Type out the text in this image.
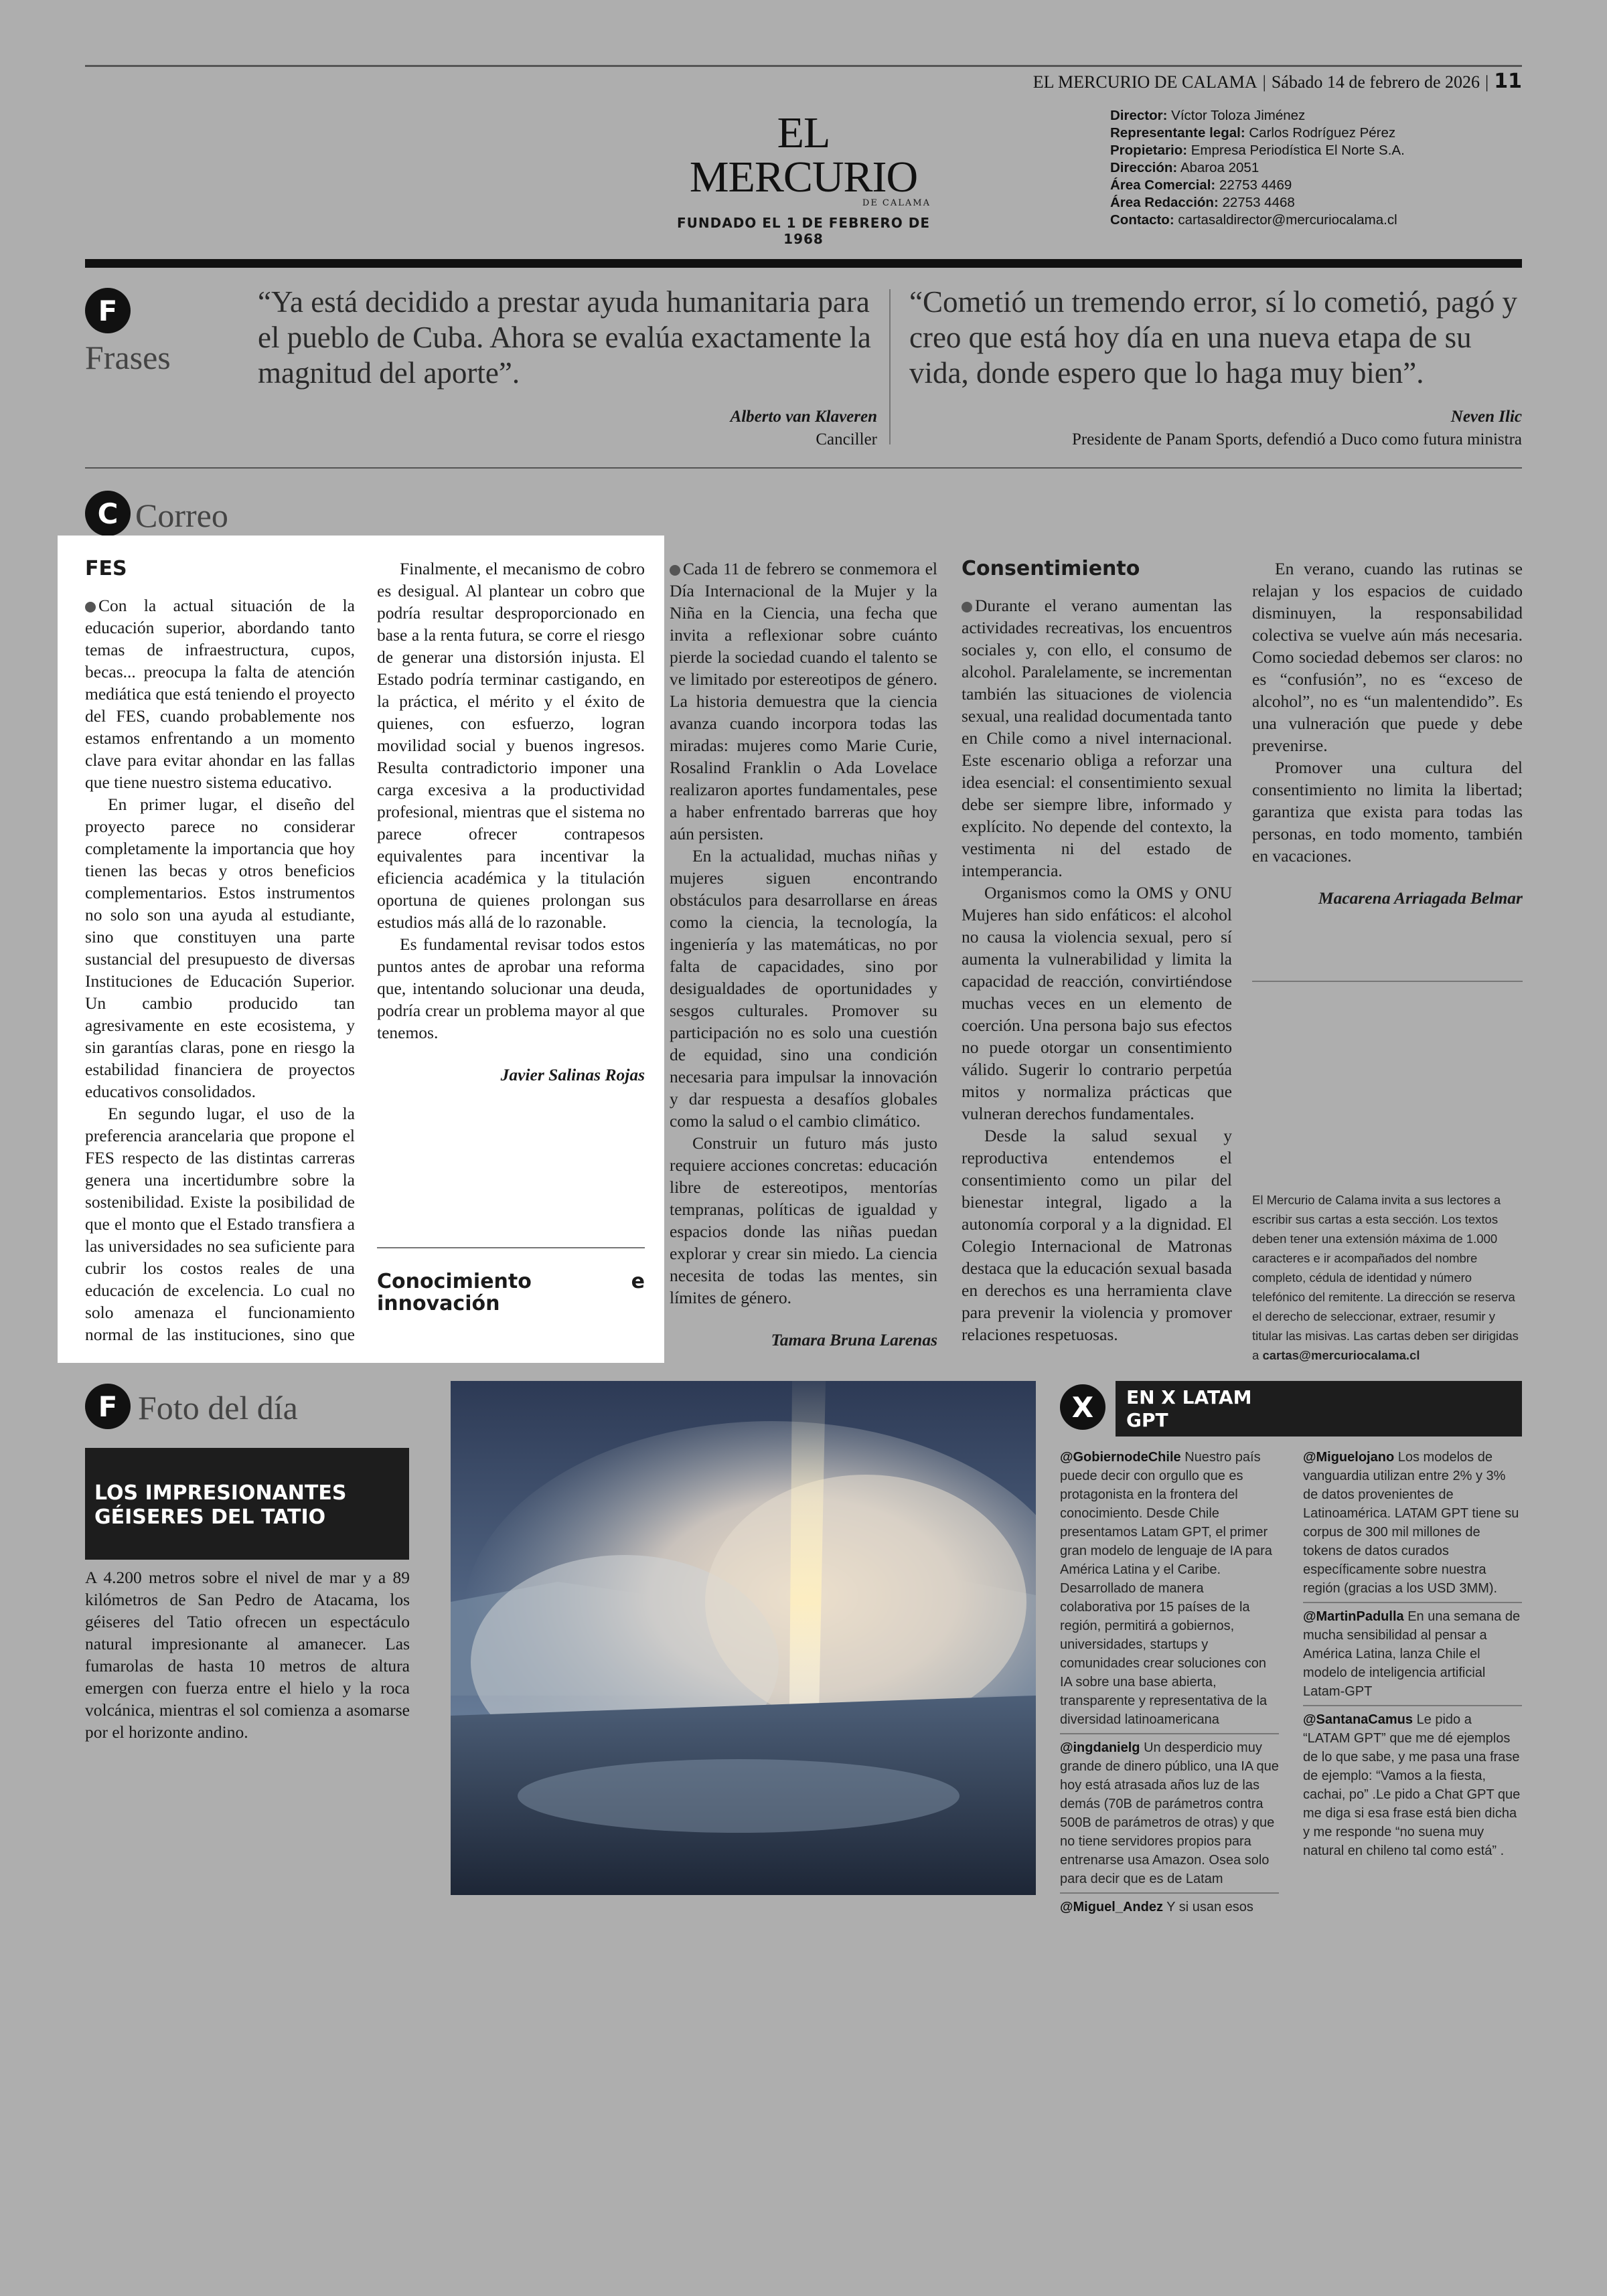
EL MERCURIO DE CALAMA | Sábado 14 de febrero de 2026 | 11
EL MERCURIO
DE CALAMA
FUNDADO EL 1 DE FEBRERO DE 1968
Director: Víctor Toloza Jiménez
Representante legal: Carlos Rodríguez Pérez
Propietario: Empresa Periodística El Norte S.A.
Dirección: Abaroa 2051
Área Comercial: 22753 4469
Área Redacción: 22753 4468
Contacto: cartasaldirector@mercuriocalama.cl
F
Frases
“Ya está decidido a prestar ayuda humanitaria para el pueblo de Cuba. Ahora se evalúa exactamente la magnitud del aporte”.
Alberto van Klaveren
Canciller
“Cometió un tremendo error, sí lo cometió, pagó y creo que está hoy día en una nueva etapa de su vida, donde espero que lo haga muy bien”.
Neven Ilic
Presidente de Panam Sports, defendió a Duco como futura ministra
C Correo
FES

Con la actual situación de la educación superior, abordando tanto temas de infraestructura, cupos, becas... preocupa la falta de atención mediática que está teniendo el proyecto del FES, cuando probablemente nos estamos enfrentando a un momento clave para evitar ahondar en las fallas que tiene nuestro sistema educativo.

En primer lugar, el diseño del proyecto parece no considerar completamente la importancia que hoy tienen las becas y otros beneficios complementarios. Estos instrumentos no solo son una ayuda al estudiante, sino que constituyen una parte sustancial del presupuesto de diversas Instituciones de Educación Superior. Un cambio producido tan agresivamente en este ecosistema, y sin garantías claras, pone en riesgo la estabilidad financiera de proyectos educativos consolidados.

En segundo lugar, el uso de la preferencia arancelaria que propone el FES respecto de las distintas carreras genera una incertidumbre sobre la sostenibilidad. Existe la posibilidad de que el monto que el Estado transfiera a las universidades no sea suficiente para cubrir los costos reales de una educación de excelencia. Lo cual no solo amenaza el funcionamiento normal de las instituciones, sino que

Finalmente, el mecanismo de cobro es desigual. Al plantear un cobro que podría resultar desproporcionado en base a la renta futura, se corre el riesgo de generar una distorsión injusta. El Estado podría terminar castigando, en la práctica, el mérito y el éxito de quienes, con esfuerzo, logran movilidad social y buenos ingresos. Resulta contradictorio imponer una carga excesiva a la productividad profesional, mientras que el sistema no parece ofrecer contrapesos equivalentes para incentivar la eficiencia académica y la titulación oportuna de quienes prolongan sus estudios más allá de lo razonable.

Es fundamental revisar todos estos puntos antes de aprobar una reforma que, intentando solucionar una deuda, podría crear un problema mayor al que tenemos.

Javier Salinas Rojas

Conocimiento e innovación

Cada 11 de febrero se conmemora el Día Internacional de la Mujer y la Niña en la Ciencia, una fecha que invita a reflexionar sobre cuánto pierde la sociedad cuando el talento se ve limitado por estereotipos de género. La historia demuestra que la ciencia avanza cuando incorpora todas las miradas: mujeres como Marie Curie, Rosalind Franklin o Ada Lovelace realizaron aportes fundamentales, pese a haber enfrentado barreras que hoy aún persisten.

En la actualidad, muchas niñas y mujeres siguen encontrando obstáculos para desarrollarse en áreas como la ciencia, la tecnología, la ingeniería y las matemáticas, no por falta de capacidades, sino por desigualdades de oportunidades y sesgos culturales. Promover su participación no es solo una cuestión de equidad, sino una condición necesaria para impulsar la innovación y dar respuesta a desafíos globales como la salud o el cambio climático.

Construir un futuro más justo requiere acciones concretas: educación libre de estereotipos, mentorías tempranas, políticas de igualdad y espacios donde las niñas puedan explorar y crear sin miedo. La ciencia necesita de todas las mentes, sin límites de género.

Tamara Bruna Larenas

Consentimiento

Durante el verano aumentan las actividades recreativas, los encuentros sociales y, con ello, el consumo de alcohol. Paralelamente, se incrementan también las situaciones de violencia sexual, una realidad documentada tanto en Chile como a nivel internacional. Este escenario obliga a reforzar una idea esencial: el consentimiento sexual debe ser siempre libre, informado y explícito. No depende del contexto, la vestimenta ni del estado de intemperancia.

Organismos como la OMS y ONU Mujeres han sido enfáticos: el alcohol no causa la violencia sexual, pero sí aumenta la vulnerabilidad y limita la capacidad de reacción, convirtiéndose muchas veces en un elemento de coerción. Una persona bajo sus efectos no puede otorgar un consentimiento válido. Sugerir lo contrario perpetúa mitos y normaliza prácticas que vulneran derechos fundamentales.

Desde la salud sexual y reproductiva entendemos el consentimiento como un pilar del bienestar integral, ligado a la autonomía corporal y a la dignidad. El Colegio Internacional de Matronas destaca que la educación sexual basada en derechos es una herramienta clave para prevenir la violencia y promover relaciones respetuosas.

En verano, cuando las rutinas se relajan y los espacios de cuidado disminuyen, la responsabilidad colectiva se vuelve aún más necesaria. Como sociedad debemos ser claros: no es “confusión”, no es “exceso de alcohol”, no es “un malentendido”. Es una vulneración que puede y debe prevenirse.

Promover una cultura del consentimiento no limita la libertad; garantiza que exista para todas las personas, en todo momento, también en vacaciones.

Macarena Arriagada Belmar

El Mercurio de Calama invita a sus lectores a escribir sus cartas a esta sección. Los textos deben tener una extensión máxima de 1.000 caracteres e ir acompañados del nombre completo, cédula de identidad y número telefónico del remitente. La dirección se reserva el derecho de seleccionar, extraer, resumir y titular las misivas. Las cartas deben ser dirigidas a cartas@mercuriocalama.cl
F Foto del día
LOS IMPRESIONANTES GÉISERES DEL TATIO
A 4.200 metros sobre el nivel de mar y a 89 kilómetros de San Pedro de Atacama, los géiseres del Tatio ofrecen un espectáculo natural impresionante al amanecer. Las fumarolas de hasta 10 metros de altura emergen con fuerza entre el hielo y la roca volcánica, mientras el sol comienza a asomarse por el horizonte andino.
X	EN X LATAM GPT
@GobiernodeChile Nuestro país puede decir con orgullo que es protagonista en la frontera del conocimiento. Desde Chile presentamos Latam GPT, el primer gran modelo de lenguaje de IA para América Latina y el Caribe. Desarrollado de manera colaborativa por 15 países de la región, permitirá a gobiernos, universidades, startups y comunidades crear soluciones con IA sobre una base abierta, transparente y representativa de la diversidad latinoamericana
@ingdanielg Un desperdicio muy grande de dinero público, una IA que hoy está atrasada años luz de las demás (70B de parámetros contra 500B de parámetros de otras) y que no tiene servidores propios para entrenarse usa Amazon. Osea solo para decir que es de Latam
@Miguel_Andez Y si usan esos
@Miguelojano Los modelos de vanguardia utilizan entre 2% y 3% de datos provenientes de Latinoamérica. LATAM GPT tiene su corpus de 300 mil millones de tokens de datos curados específicamente sobre nuestra región (gracias a los USD 3MM).
@MartinPadulla En una semana de mucha sensibilidad al pensar a América Latina, lanza Chile el modelo de inteligencia artificial Latam-GPT
@SantanaCamus Le pido a “LATAM GPT” que me dé ejemplos de lo que sabe, y me pasa una frase de ejemplo: “Vamos a la fiesta, cachai, po” .Le pido a Chat GPT que me diga si esa frase está bien dicha y me responde “no suena muy natural en chileno tal como está” .
